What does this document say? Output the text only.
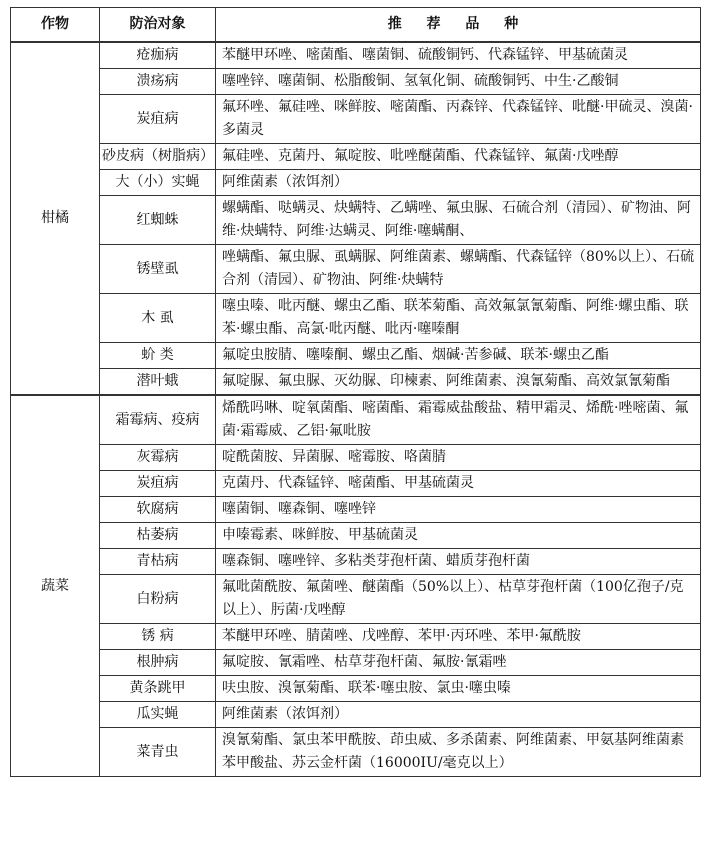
作物	防治对象	推 荐 品 种
柑橘	疮痂病	苯醚甲环唑、嘧菌酯、噻菌铜、硫酸铜钙、代森锰锌、甲基硫菌灵
	溃疡病	噻唑锌、噻菌铜、松脂酸铜、氢氧化铜、硫酸铜钙、中生·乙酸铜
	炭疽病	氟环唑、氟硅唑、咪鲜胺、嘧菌酯、丙森锌、代森锰锌、吡醚·甲硫灵、溴菌·多菌灵
	砂皮病（树脂病）	氟硅唑、克菌丹、氟啶胺、吡唑醚菌酯、代森锰锌、氟菌·戊唑醇
	大（小）实蝇	阿维菌素（浓饵剂）
	红蜘蛛	螺螨酯、哒螨灵、炔螨特、乙螨唑、氟虫脲、石硫合剂（清园）、矿物油、阿维·炔螨特、阿维·达螨灵、阿维·噻螨酮、
	锈壁虱	唑螨酯、氟虫脲、虱螨脲、阿维菌素、螺螨酯、代森锰锌（80%以上）、石硫合剂（清园）、矿物油、阿维·炔螨特
	木 虱	噻虫嗪、吡丙醚、螺虫乙酯、联苯菊酯、高效氟氯氰菊酯、阿维·螺虫酯、联苯·螺虫酯、高氯·吡丙醚、吡丙·噻嗪酮
	蚧 类	氟啶虫胺腈、噻嗪酮、螺虫乙酯、烟碱·苦参碱、联苯·螺虫乙酯
	潜叶蛾	氟啶脲、氟虫脲、灭幼脲、印楝素、阿维菌素、溴氰菊酯、高效氯氰菊酯
蔬菜	霜霉病、疫病	烯酰吗啉、啶氧菌酯、嘧菌酯、霜霉威盐酸盐、精甲霜灵、烯酰·唑嘧菌、氟菌·霜霉威、乙铝·氟吡胺
	灰霉病	啶酰菌胺、异菌脲、嘧霉胺、咯菌腈
	炭疽病	克菌丹、代森锰锌、嘧菌酯、甲基硫菌灵
	软腐病	噻菌铜、噻森铜、噻唑锌
	枯萎病	申嗪霉素、咪鲜胺、甲基硫菌灵
	青枯病	噻森铜、噻唑锌、多粘类芽孢杆菌、蜡质芽孢杆菌
	白粉病	氟吡菌酰胺、氟菌唑、醚菌酯（50%以上）、枯草芽孢杆菌（100亿孢子/克以上）、肟菌·戊唑醇
	锈 病	苯醚甲环唑、腈菌唑、戊唑醇、苯甲·丙环唑、苯甲·氟酰胺
	根肿病	氟啶胺、氰霜唑、枯草芽孢杆菌、氟胺·氰霜唑
	黄条跳甲	呋虫胺、溴氰菊酯、联苯·噻虫胺、氯虫·噻虫嗪
	瓜实蝇	阿维菌素（浓饵剂）
	菜青虫	溴氰菊酯、氯虫苯甲酰胺、茚虫威、多杀菌素、阿维菌素、甲氨基阿维菌素苯甲酸盐、苏云金杆菌（16000IU/毫克以上）
